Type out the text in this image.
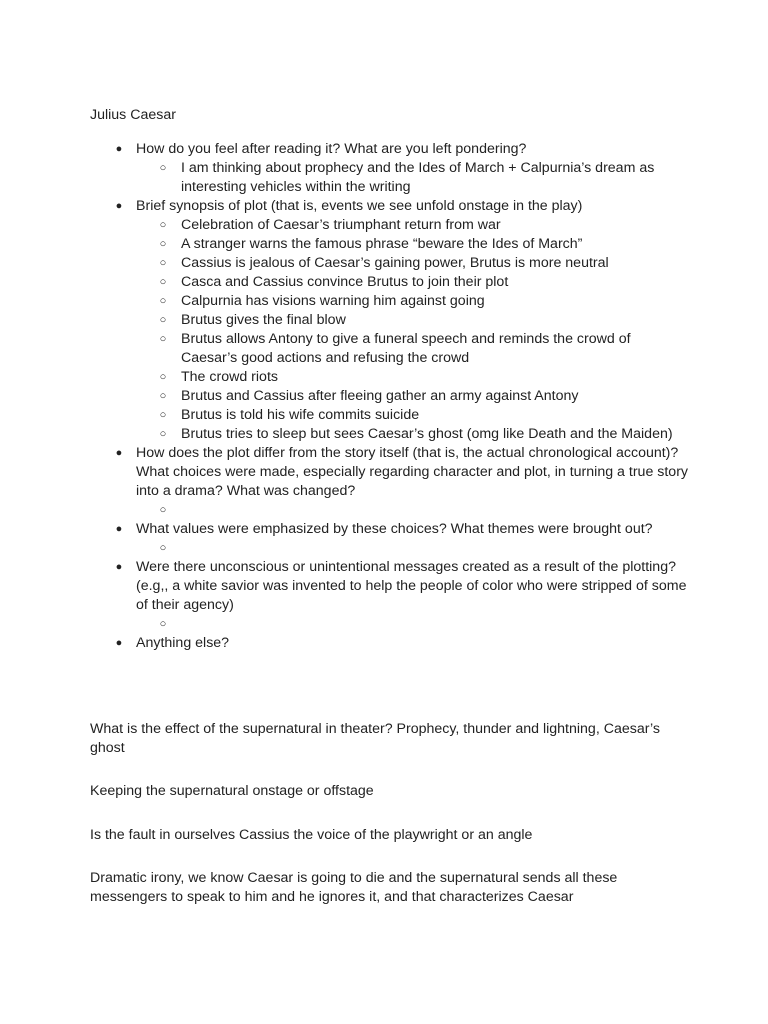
Julius Caesar

● How do you feel after reading it? What are you left pondering?
○ I am thinking about prophecy and the Ides of March + Calpurnia’s dream as interesting vehicles within the writing
● Brief synopsis of plot (that is, events we see unfold onstage in the play)
○ Celebration of Caesar’s triumphant return from war
○ A stranger warns the famous phrase “beware the Ides of March”
○ Cassius is jealous of Caesar’s gaining power, Brutus is more neutral
○ Casca and Cassius convince Brutus to join their plot
○ Calpurnia has visions warning him against going
○ Brutus gives the final blow
○ Brutus allows Antony to give a funeral speech and reminds the crowd of Caesar’s good actions and refusing the crowd
○ The crowd riots
○ Brutus and Cassius after fleeing gather an army against Antony
○ Brutus is told his wife commits suicide
○ Brutus tries to sleep but sees Caesar’s ghost (omg like Death and the Maiden)
● How does the plot differ from the story itself (that is, the actual chronological account)? What choices were made, especially regarding character and plot, in turning a true story into a drama? What was changed?
○
● What values were emphasized by these choices? What themes were brought out?
○
● Were there unconscious or unintentional messages created as a result of the plotting? (e.g,, a white savior was invented to help the people of color who were stripped of some of their agency)
○
● Anything else?

What is the effect of the supernatural in theater? Prophecy, thunder and lightning, Caesar’s ghost

Keeping the supernatural onstage or offstage

Is the fault in ourselves Cassius the voice of the playwright or an angle

Dramatic irony, we know Caesar is going to die and the supernatural sends all these messengers to speak to him and he ignores it, and that characterizes Caesar
